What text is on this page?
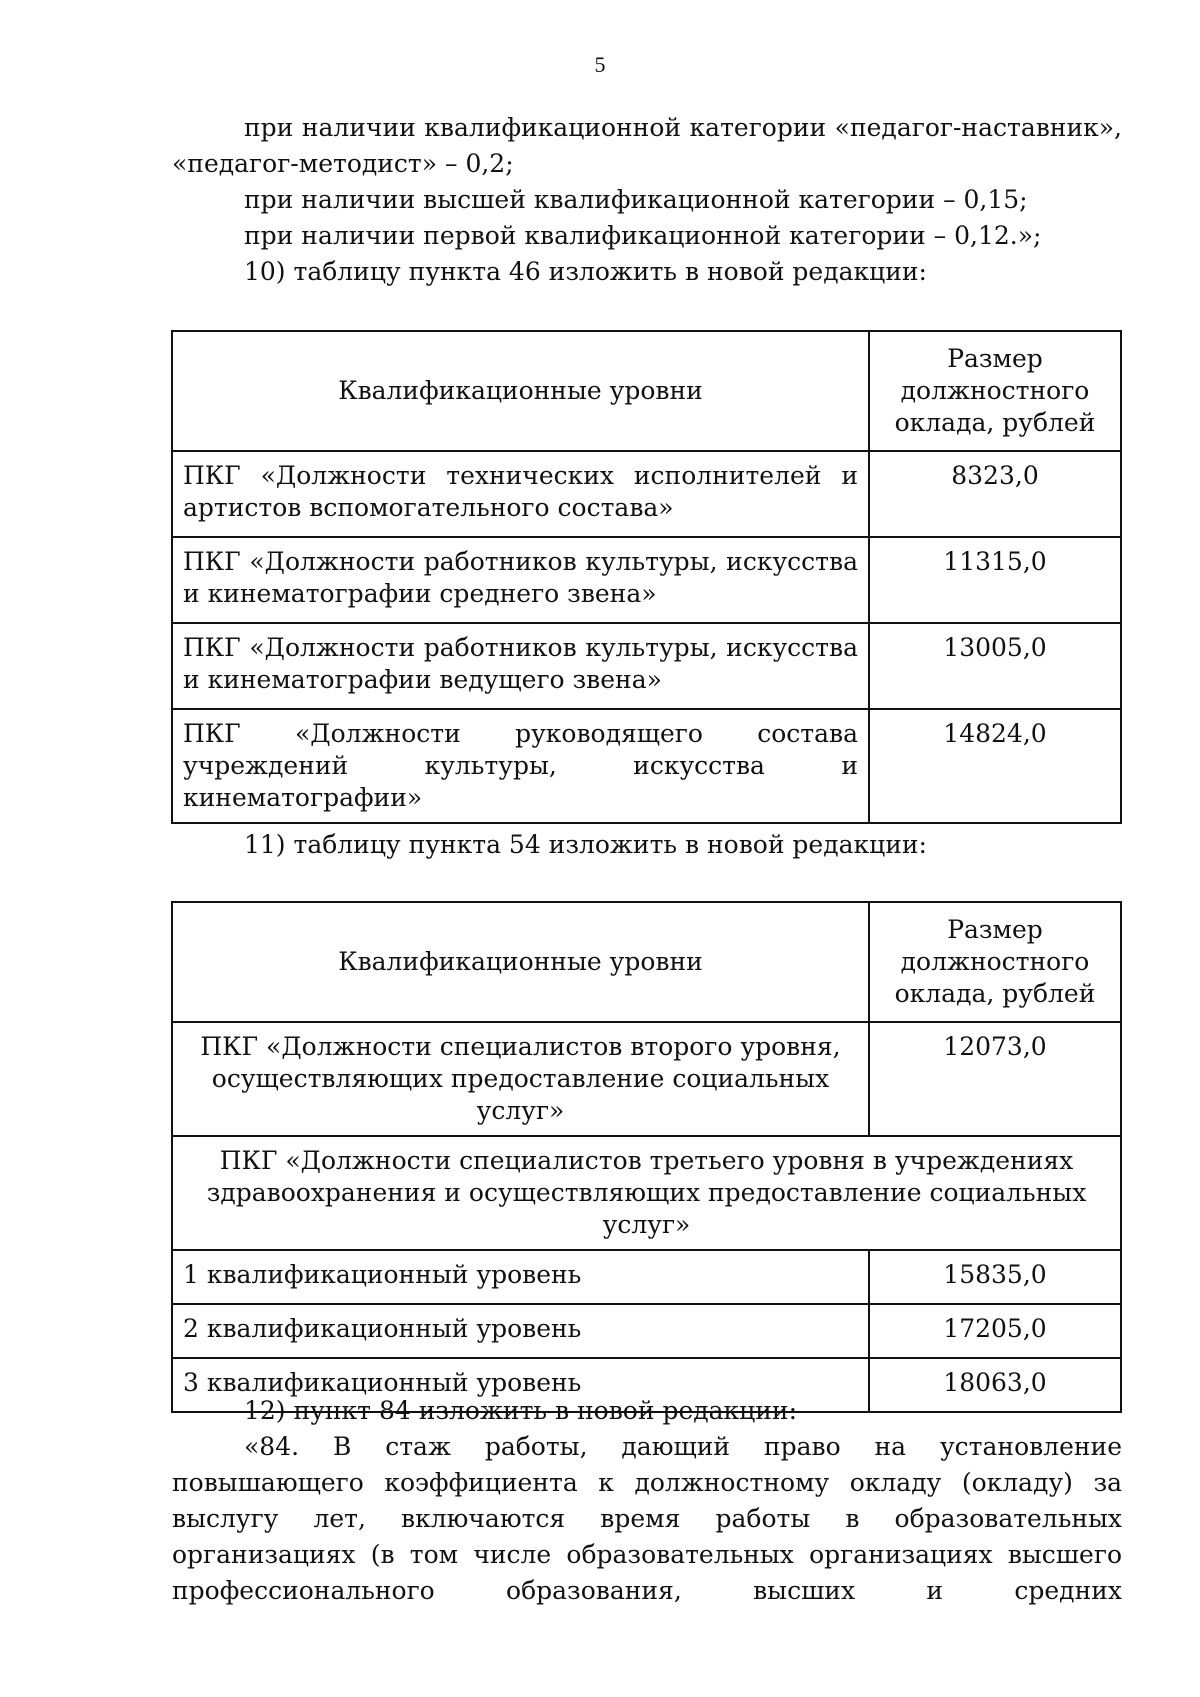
5

при наличии квалификационной категории «педагог-наставник»,

«педагог-методист» – 0,2;

при наличии высшей квалификационной категории – 0,15;

при наличии первой квалификационной категории – 0,12.»;

10) таблицу пункта 46 изложить в новой редакции:

Квалификационные уровни	Размер должностного оклада, рублей
ПКГ «Должности технических исполнителей и артистов вспомогательного состава»	8323,0
ПКГ «Должности работников культуры, искусства и кинематографии среднего звена»	11315,0
ПКГ «Должности работников культуры, искусства и кинематографии ведущего звена»	13005,0
ПКГ «Должности руководящего состава учреждений культуры, искусства и кинематографии»	14824,0

11) таблицу пункта 54 изложить в новой редакции:

Квалификационные уровни	Размер должностного оклада, рублей
ПКГ «Должности специалистов второго уровня, осуществляющих предоставление социальных услуг»	12073,0
ПКГ «Должности специалистов третьего уровня в учреждениях здравоохранения и осуществляющих предоставление социальных услуг»	
1 квалификационный уровень	15835,0
2 квалификационный уровень	17205,0
3 квалификационный уровень	18063,0

12) пункт 84 изложить в новой редакции:

«84. В стаж работы, дающий право на установление повышающего коэффициента к должностному окладу (окладу) за выслугу лет, включаются время работы в образовательных организациях (в том числе образовательных организациях высшего профессионального образования, высших и средних
